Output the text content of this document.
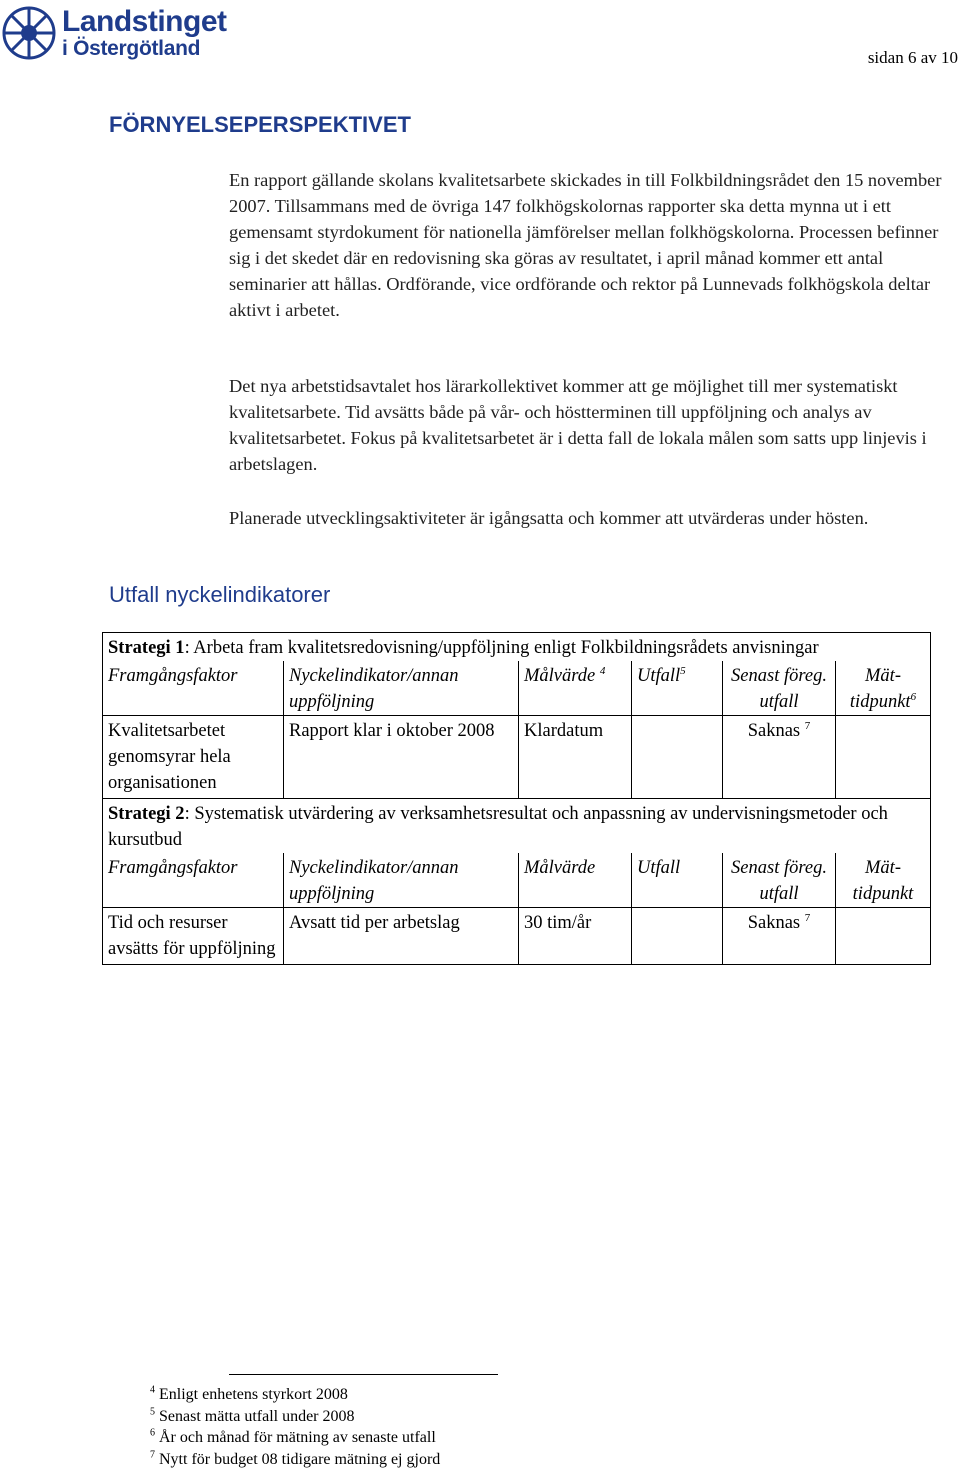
Landstinget
i Östergötland	sidan 6 av 10
FÖRNYELSEPERSPEKTIVET

En rapport gällande skolans kvalitetsarbete skickades in till Folkbildningsrådet den 15 november 2007. Tillsammans med de övriga 147 folkhögskolornas rapporter ska detta mynna ut i ett gemensamt styrdokument för nationella jämförelser mellan folkhögskolorna. Processen befinner sig i det skedet där en redovisning ska göras av resultatet, i april månad kommer ett antal seminarier att hållas. Ordförande, vice ordförande och rektor på Lunnevads folkhögskola deltar aktivt i arbetet.

Det nya arbetstidsavtalet hos lärarkollektivet kommer att ge möjlighet till mer systematiskt kvalitetsarbete. Tid avsätts både på vår- och höstterminen till uppföljning och analys av kvalitetsarbetet. Fokus på kvalitetsarbetet är i detta fall de lokala målen som satts upp linjevis i arbetslagen.

Planerade utvecklingsaktiviteter är igångsatta och kommer att utvärderas under hösten.

Utfall nyckelindikatorer
Strategi 1: Arbeta fram kvalitetsredovisning/uppföljning enligt Folkbildningsrådets anvisningar					
Framgångsfaktor	Nyckelindikator/annan uppföljning	Målvärde $^4$	Utfall$^5$	Senast föreg. utfall	Mät-tidpunkt$^6$
Kvalitetsarbetet genomsyrar hela organisationen	Rapport klar i oktober 2008	Klardatum		Saknas $^7$	
Strategi 2: Systematisk utvärdering av verksamhetsresultat och anpassning av undervisningsmetoder och kursutbud					
Framgångsfaktor	Nyckelindikator/annan uppföljning	Målvärde	Utfall	Senast föreg. utfall	Mät-tidpunkt
Tid och resurser avsätts för uppföljning	Avsatt tid per arbetslag	30 tim/år		Saknas $^7$	
$^4$ Enligt enhetens styrkort 2008
$^5$ Senast mätta utfall under 2008
$^6$ År och månad för mätning av senaste utfall
$^7$ Nytt för budget 08 tidigare mätning ej gjord
